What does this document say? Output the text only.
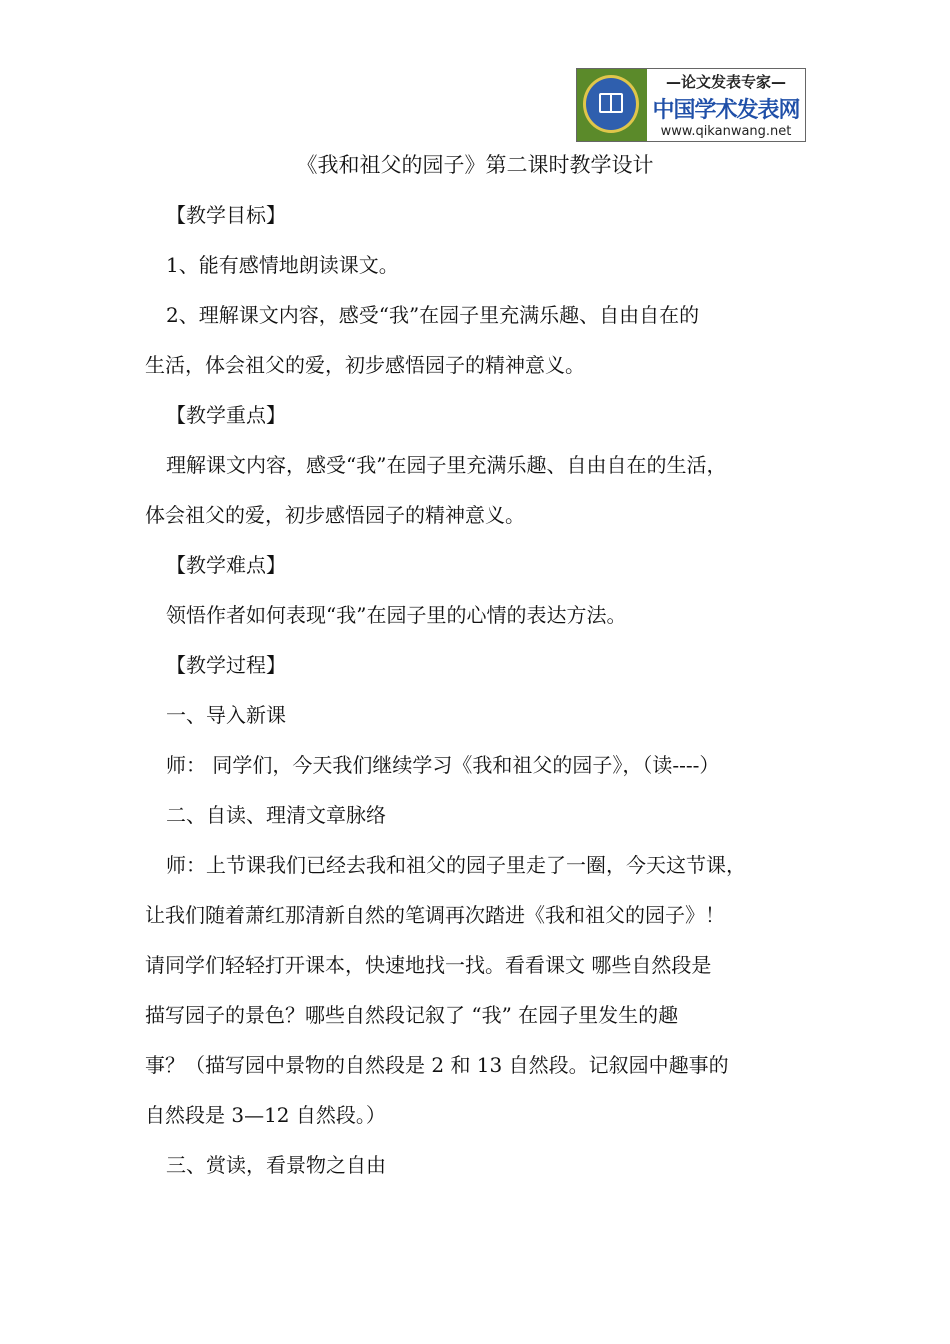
—论文发表专家—
中国学术发表网
www.qikanwang.net
《我和祖父的园子》第二课时教学设计
【教学目标】
1、能有感情地朗读课文。
2、理解课文内容，感受“我”在园子里充满乐趣、自由自在的
生活，体会祖父的爱，初步感悟园子的精神意义。
【教学重点】
理解课文内容，感受“我”在园子里充满乐趣、自由自在的生活，
体会祖父的爱，初步感悟园子的精神意义。
【教学难点】
领悟作者如何表现“我”在园子里的心情的表达方法。
【教学过程】
一、导入新课
师： 同学们，今天我们继续学习《我和祖父的园子》，（读----）
二、自读、理清文章脉络
师：上节课我们已经去我和祖父的园子里走了一圈，今天这节课，
让我们随着萧红那清新自然的笔调再次踏进《我和祖父的园子》！
请同学们轻轻打开课本，快速地找一找。看看课文 哪些自然段是
描写园子的景色？哪些自然段记叙了 “我” 在园子里发生的趣
事？（描写园中景物的自然段是 2 和 13 自然段。记叙园中趣事的
自然段是 3—12 自然段。）
三、赏读，看景物之自由
